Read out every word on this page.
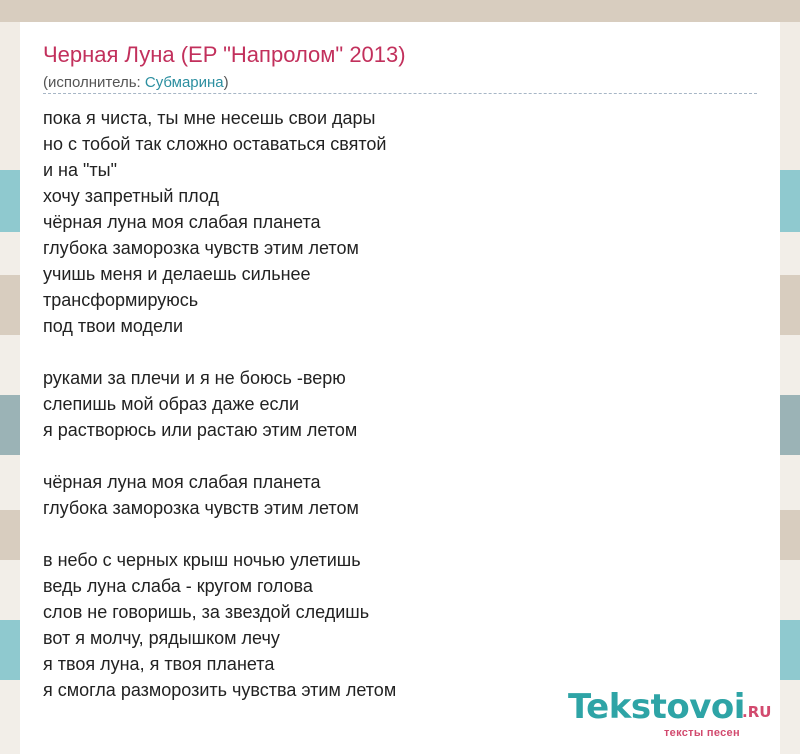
Черная Луна (EP "Напролом" 2013)
(исполнитель: Субмарина)
пока я чиста, ты мне несешь свои дары
но с тобой так сложно оставаться святой
и на "ты"
хочу запретный плод
чёрная луна моя слабая планета
глубока заморозка чувств этим летом
учишь меня и делаешь сильнее
трансформируюсь
под твои модели
руками за плечи и я не боюсь -верю
слепишь мой образ даже если
я растворюсь или растаю этим летом
чёрная луна моя слабая планета
глубока заморозка чувств этим летом
в небо с черных крыш ночью улетишь
ведь луна слаба - кругом голова
слов не говоришь, за звездой следишь
вот я молчу, рядышком лечу
я твоя луна, я твоя планета
я смогла разморозить чувства этим летом	Tekstovoi
.RU
тексты песен
